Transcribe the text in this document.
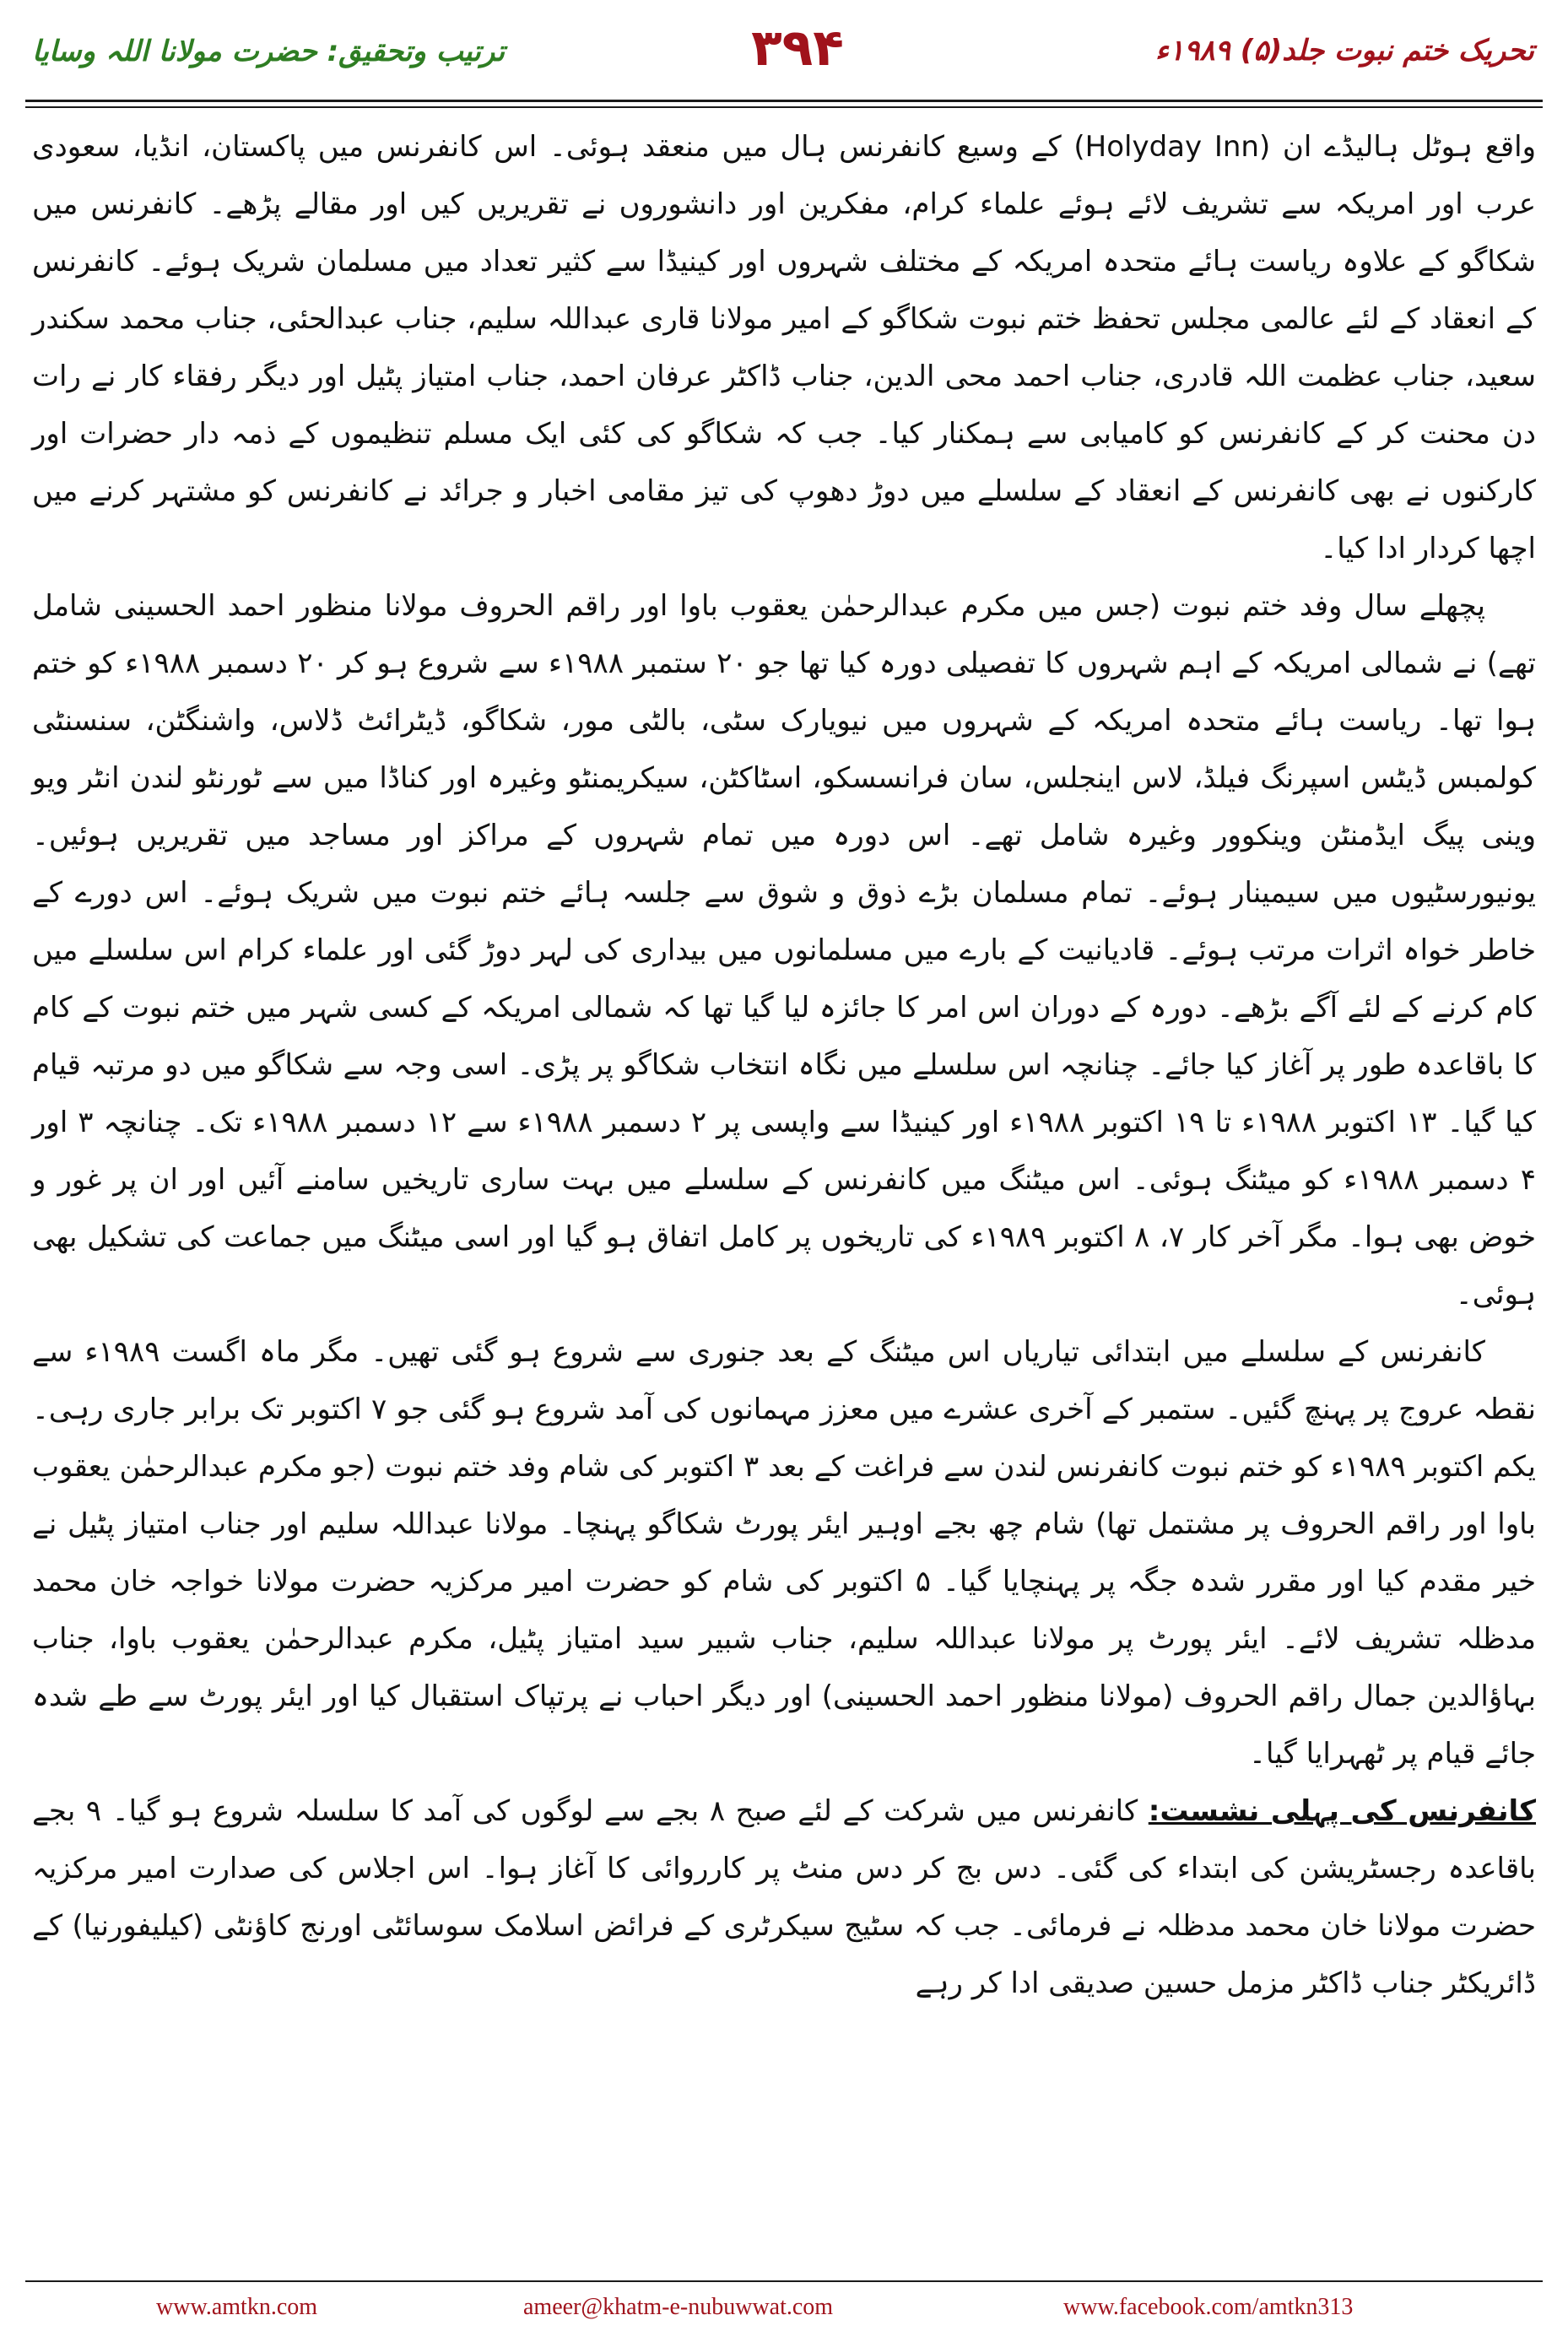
ترتیب وتحقیق: حضرت مولانا اللہ وسایا	۳۹۴	تحریک ختم نبوت جلد(۵) ۱۹۸۹ء

واقع ہوٹل ہالیڈے ان (Holyday Inn) کے وسیع کانفرنس ہال میں منعقد ہوئی۔ اس کانفرنس میں پاکستان، انڈیا، سعودی عرب اور امریکہ سے تشریف لائے ہوئے علماء کرام، مفکرین اور دانشوروں نے تقریریں کیں اور مقالے پڑھے۔ کانفرنس میں شکاگو کے علاوہ ریاست ہائے متحدہ امریکہ کے مختلف شہروں اور کینیڈا سے کثیر تعداد میں مسلمان شریک ہوئے۔ کانفرنس کے انعقاد کے لئے عالمی مجلس تحفظ ختم نبوت شکاگو کے امیر مولانا قاری عبداللہ سلیم، جناب عبدالحئی، جناب محمد سکندر سعید، جناب عظمت اللہ قادری، جناب احمد محی الدین، جناب ڈاکٹر عرفان احمد، جناب امتیاز پٹیل اور دیگر رفقاء کار نے رات دن محنت کر کے کانفرنس کو کامیابی سے ہمکنار کیا۔ جب کہ شکاگو کی کئی ایک مسلم تنظیموں کے ذمہ دار حضرات اور کارکنوں نے بھی کانفرنس کے انعقاد کے سلسلے میں دوڑ دھوپ کی تیز مقامی اخبار و جرائد نے کانفرنس کو مشتہر کرنے میں اچھا کردار ادا کیا۔

پچھلے سال وفد ختم نبوت (جس میں مکرم عبدالرحمٰن یعقوب باوا اور راقم الحروف مولانا منظور احمد الحسینی شامل تھے) نے شمالی امریکہ کے اہم شہروں کا تفصیلی دورہ کیا تھا جو ۲۰ ستمبر ۱۹۸۸ء سے شروع ہو کر ۲۰ دسمبر ۱۹۸۸ء کو ختم ہوا تھا۔ ریاست ہائے متحدہ امریکہ کے شہروں میں نیویارک سٹی، بالٹی مور، شکاگو، ڈیٹرائٹ ڈلاس، واشنگٹن، سنسنٹی کولمبس ڈیٹس اسپرنگ فیلڈ، لاس اینجلس، سان فرانسسکو، اسٹاکٹن، سیکریمنٹو وغیرہ اور کناڈا میں سے ٹورنٹو لندن انٹر ویو وینی پیگ ایڈمنٹن وینکوور وغیرہ شامل تھے۔ اس دورہ میں تمام شہروں کے مراکز اور مساجد میں تقریریں ہوئیں۔ یونیورسٹیوں میں سیمینار ہوئے۔ تمام مسلمان بڑے ذوق و شوق سے جلسہ ہائے ختم نبوت میں شریک ہوئے۔ اس دورے کے خاطر خواہ اثرات مرتب ہوئے۔ قادیانیت کے بارے میں مسلمانوں میں بیداری کی لہر دوڑ گئی اور علماء کرام اس سلسلے میں کام کرنے کے لئے آگے بڑھے۔ دورہ کے دوران اس امر کا جائزہ لیا گیا تھا کہ شمالی امریکہ کے کسی شہر میں ختم نبوت کے کام کا باقاعدہ طور پر آغاز کیا جائے۔ چنانچہ اس سلسلے میں نگاہ انتخاب شکاگو پر پڑی۔ اسی وجہ سے شکاگو میں دو مرتبہ قیام کیا گیا۔ ۱۳ اکتوبر ۱۹۸۸ء تا ۱۹ اکتوبر ۱۹۸۸ء اور کینیڈا سے واپسی پر ۲ دسمبر ۱۹۸۸ء سے ۱۲ دسمبر ۱۹۸۸ء تک۔ چنانچہ ۳ اور ۴ دسمبر ۱۹۸۸ء کو میٹنگ ہوئی۔ اس میٹنگ میں کانفرنس کے سلسلے میں بہت ساری تاریخیں سامنے آئیں اور ان پر غور و خوض بھی ہوا۔ مگر آخر کار ۷، ۸ اکتوبر ۱۹۸۹ء کی تاریخوں پر کامل اتفاق ہو گیا اور اسی میٹنگ میں جماعت کی تشکیل بھی ہوئی۔

کانفرنس کے سلسلے میں ابتدائی تیاریاں اس میٹنگ کے بعد جنوری سے شروع ہو گئی تھیں۔ مگر ماہ اگست ۱۹۸۹ء سے نقطہ عروج پر پہنچ گئیں۔ ستمبر کے آخری عشرے میں معزز مہمانوں کی آمد شروع ہو گئی جو ۷ اکتوبر تک برابر جاری رہی۔ یکم اکتوبر ۱۹۸۹ء کو ختم نبوت کانفرنس لندن سے فراغت کے بعد ۳ اکتوبر کی شام وفد ختم نبوت (جو مکرم عبدالرحمٰن یعقوب باوا اور راقم الحروف پر مشتمل تھا) شام چھ بجے اوہیر ایئر پورٹ شکاگو پہنچا۔ مولانا عبداللہ سلیم اور جناب امتیاز پٹیل نے خیر مقدم کیا اور مقرر شدہ جگہ پر پہنچایا گیا۔ ۵ اکتوبر کی شام کو حضرت امیر مرکزیہ حضرت مولانا خواجہ خان محمد مدظلہ تشریف لائے۔ ایئر پورٹ پر مولانا عبداللہ سلیم، جناب شبیر سید امتیاز پٹیل، مکرم عبدالرحمٰن یعقوب باوا، جناب بہاؤالدین جمال راقم الحروف (مولانا منظور احمد الحسینی) اور دیگر احباب نے پرتپاک استقبال کیا اور ایئر پورٹ سے طے شدہ جائے قیام پر ٹھہرایا گیا۔

کانفرنس کی پہلی نشست: کانفرنس میں شرکت کے لئے صبح ۸ بجے سے لوگوں کی آمد کا سلسلہ شروع ہو گیا۔ ۹ بجے باقاعدہ رجسٹریشن کی ابتداء کی گئی۔ دس بج کر دس منٹ پر کارروائی کا آغاز ہوا۔ اس اجلاس کی صدارت امیر مرکزیہ حضرت مولانا خان محمد مدظلہ نے فرمائی۔ جب کہ سٹیج سیکرٹری کے فرائض اسلامک سوسائٹی اورنج کاؤنٹی (کیلیفورنیا) کے ڈائریکٹر جناب ڈاکٹر مزمل حسین صدیقی ادا کر رہے

www.amtkn.com	ameer@khatm-e-nubuwwat.com	www.facebook.com/amtkn313
